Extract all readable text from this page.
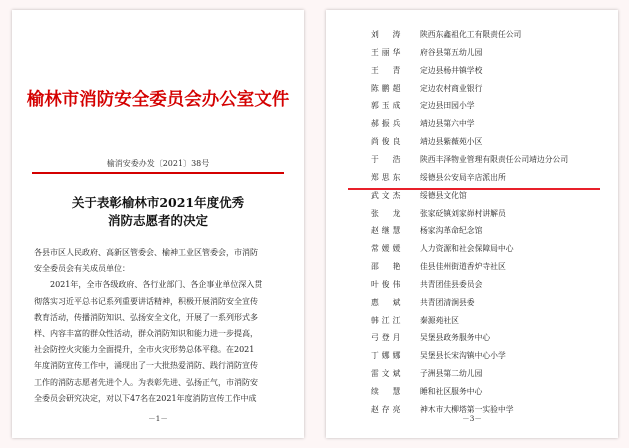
榆林市消防安全委员会办公室文件
榆消安委办发〔2021〕38号
关于表彰榆林市2021年度优秀
消防志愿者的决定
各县市区人民政府、高新区管委会、榆神工业区管委会，市消防
安全委员会有关成员单位：
　　2021年，全市各级政府、各行业部门、各企事业单位深入贯
彻落实习近平总书记系列重要讲话精神，积极开展消防安全宣传
教育活动，传播消防知识、弘扬安全文化，开展了一系列形式多
样、内容丰富的群众性活动，群众消防知识和能力进一步提高，
社会防控火灾能力全面提升，全市火灾形势总体平稳。在2021
年度消防宣传工作中，涌现出了一大批热爱消防、践行消防宣传
工作的消防志愿者先进个人。为表彰先进、弘扬正气，市消防安
全委员会研究决定，对以下47名在2021年度消防宣传工作中成
－1－
刘　涛	陕西东鑫祖化工有限责任公司
王丽华	府谷县第五幼儿园
王　青	定边县杨井镇学校
陈鹏超	定边农村商业银行
郭玉成	定边县田园小学
郝振兵	靖边县第六中学
尚俊良	靖边县紫薇苑小区
于　浩	陕西丰泽物业管理有限责任公司靖边分公司
郑思东	绥德县公安局辛店派出所
武文杰	绥德县文化馆
张　龙	张家砭镇刘家峁村讲解员
赵继慧	杨家沟革命纪念馆
常媛媛	人力资源和社会保障局中心
邵　艳	佳县佳州街道香炉寺社区
叶俊伟	共青团佳县委员会
惠　斌	共青团清涧县委
韩江江	秦源苑社区
弓登月	吴堡县政务服务中心
丁娜娜	吴堡县长宋沟镇中心小学
雷文斌	子洲县第二幼儿园
续　慧	睡和社区服务中心
赵存亮	神木市大柳塔第一实验中学
－3－
